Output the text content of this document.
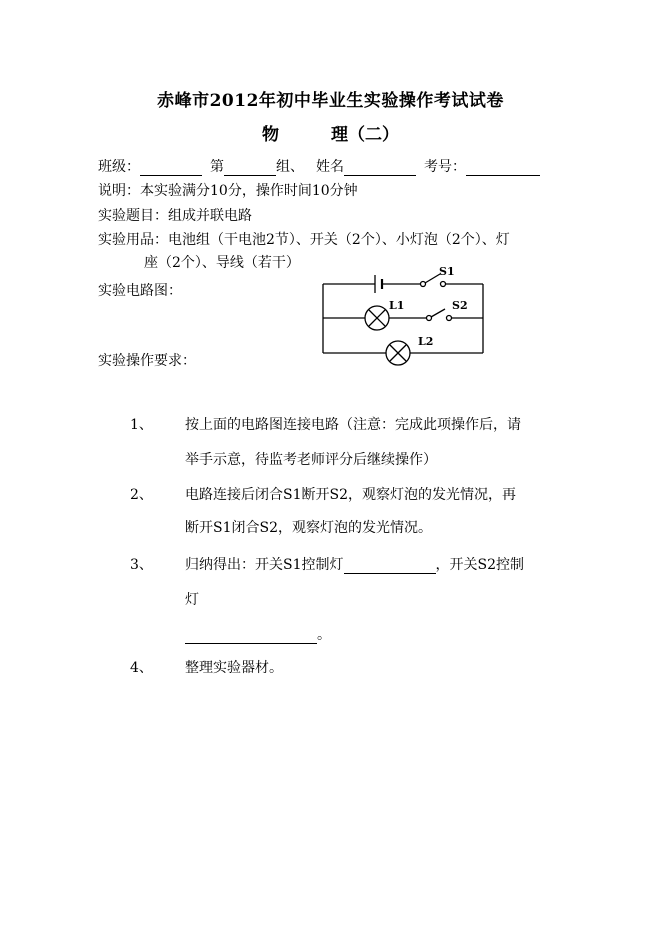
赤峰市2012年初中毕业生实验操作考试试卷
物	理（二）
班级：	第	组、 姓名	考号：
说明：本实验满分10分，操作时间10分钟
实验题目：组成并联电路
实验用品：电池组（干电池2节）、开关（2个）、小灯泡（2个）、灯
座（2个）、导线（若干）
实验电路图：
S1
S2
L1
L2
实验操作要求：
1、 按上面的电路图连接电路（注意：完成此项操作后，请
举手示意，待监考老师评分后继续操作）
2、 电路连接后闭合S1断开S2，观察灯泡的发光情况，再
断开S1闭合S2，观察灯泡的发光情况。
3、 归纳得出：开关S1控制灯	，开关S2控制
灯
。
4、 整理实验器材。
